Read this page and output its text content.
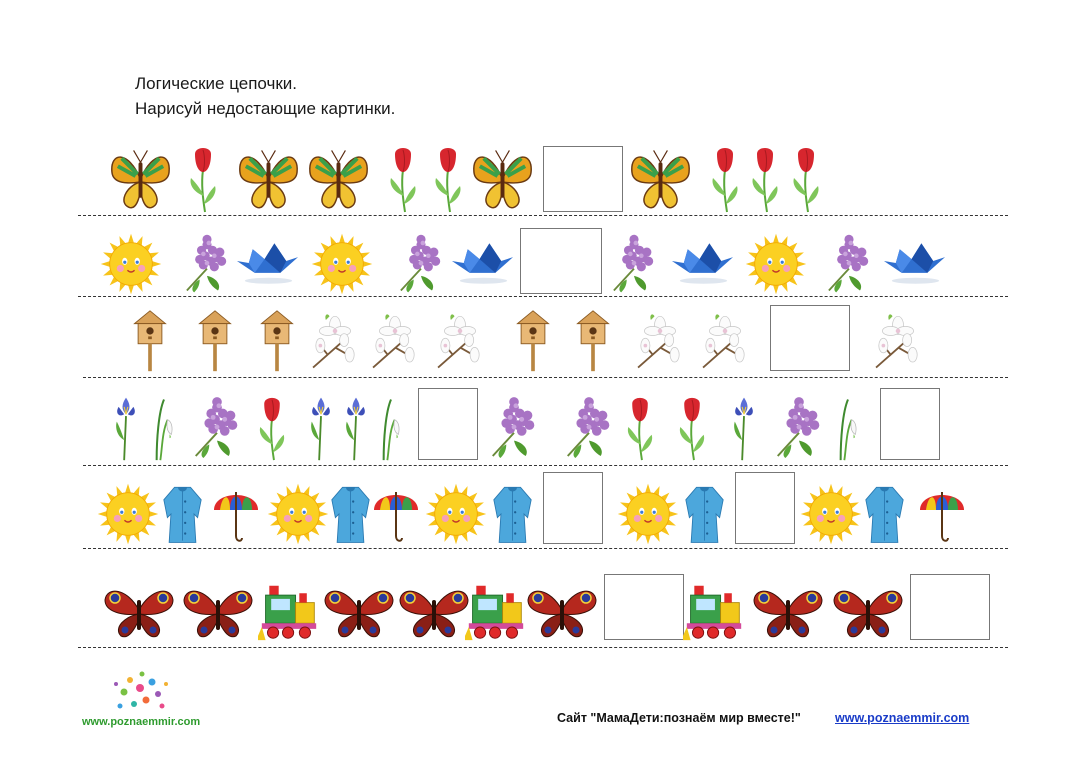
Логические цепочки.
Нарисуй недостающие картинки.
www.poznaemmir.com	Сайт "МамаДети:познаём мир вместе!"	www.poznaemmir.com
